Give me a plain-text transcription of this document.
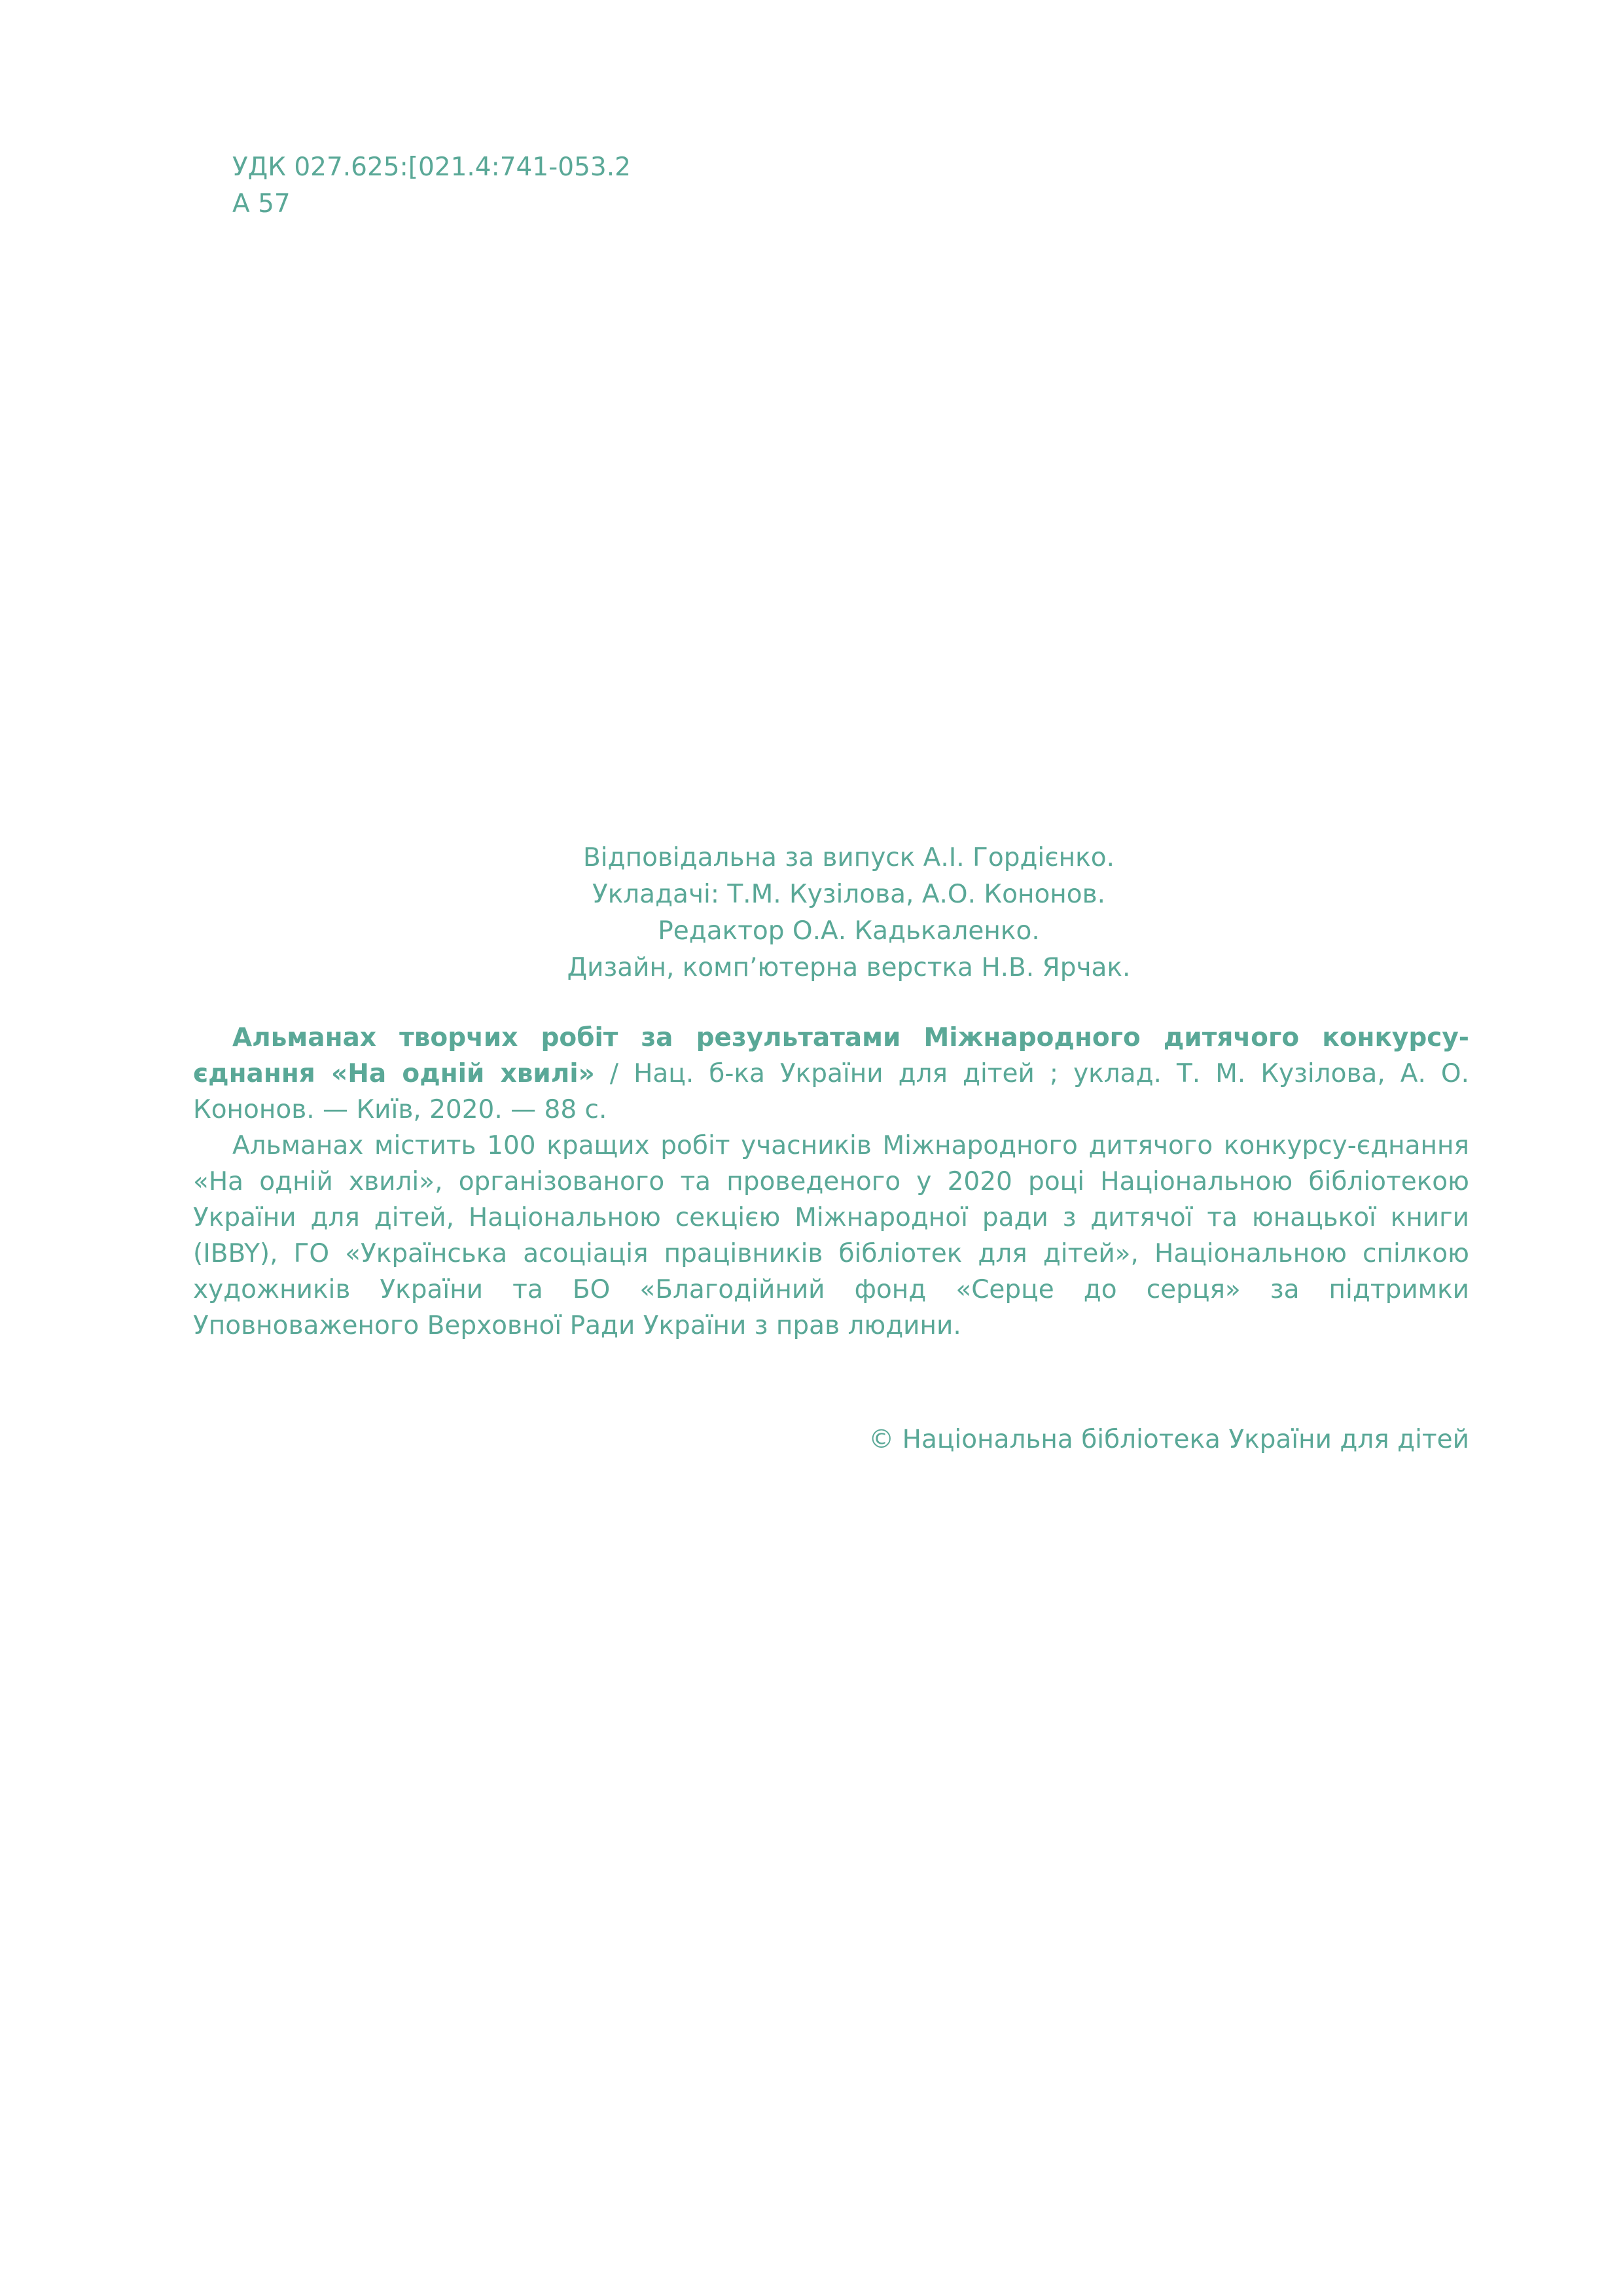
УДК 027.625:[021.4:741-053.2
А 57
Відповідальна за випуск А.І. Гордієнко.
Укладачі: Т.М. Кузілова, А.О. Кононов.
Редактор О.А. Кадькаленко.
Дизайн, комп’ютерна верстка Н.В. Ярчак.

Альманах творчих робіт за результатами Міжнародного дитячого конкурсу-єднання «На одній хвилі» / Нац. б-ка України для дітей ; уклад. Т. М. Кузілова, А. О. Кононов. — Київ, 2020. — 88 с.

Альманах містить 100 кращих робіт учасників Міжнародного дитячого конкурсу-єднання «На одній хвилі», організованого та проведеного у 2020 році Національною бібліотекою України для дітей, Національною секцією Міжнародної ради з дитячої та юнацької книги (IBBY), ГО «Українська асоціація працівників бібліотек для дітей», Національною спілкою художників України та БО «Благодійний фонд «Серце до серця» за підтримки Уповноваженого Верховної Ради України з прав людини.

© Національна бібліотека України для дітей
